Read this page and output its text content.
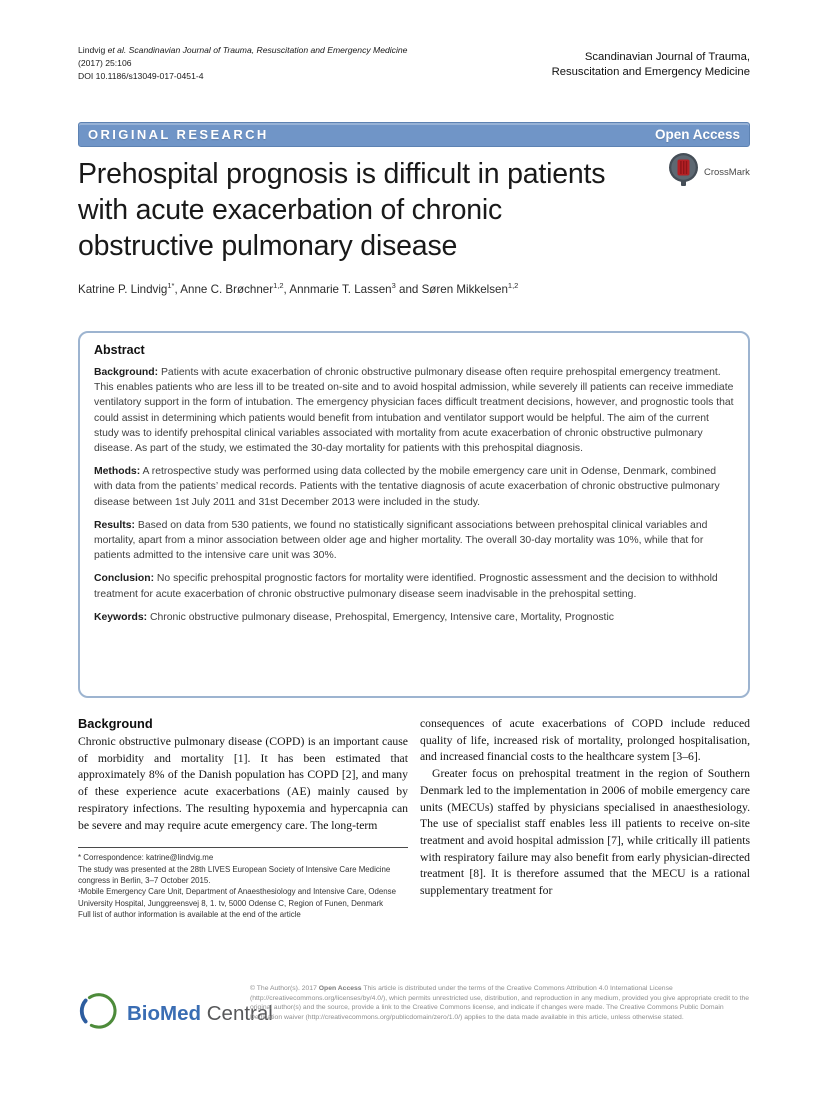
Lindvig et al. Scandinavian Journal of Trauma, Resuscitation and Emergency Medicine
(2017) 25:106
DOI 10.1186/s13049-017-0451-4
Scandinavian Journal of Trauma,
Resuscitation and Emergency Medicine
ORIGINAL RESEARCH	Open Access
Prehospital prognosis is difficult in patients
with acute exacerbation of chronic
obstructive pulmonary disease
CrossMark
Katrine P. Lindvig$^{1*}$, Anne C. Brøchner$^{1,2}$, Annmarie T. Lassen$^3$ and Søren Mikkelsen$^{1,2}$
Abstract

Background: Patients with acute exacerbation of chronic obstructive pulmonary disease often require prehospital emergency treatment. This enables patients who are less ill to be treated on-site and to avoid hospital admission, while severely ill patients can receive immediate ventilatory support in the form of intubation. The emergency physician faces difficult treatment decisions, however, and prognostic tools that could assist in determining which patients would benefit from intubation and ventilator support would be helpful. The aim of the current study was to identify prehospital clinical variables associated with mortality from acute exacerbation of chronic obstructive pulmonary disease. As part of the study, we estimated the 30-day mortality for patients with this prehospital diagnosis.

Methods: A retrospective study was performed using data collected by the mobile emergency care unit in Odense, Denmark, combined with data from the patients’ medical records. Patients with the tentative diagnosis of acute exacerbation of chronic obstructive pulmonary disease between 1st July 2011 and 31st December 2013 were included in the study.

Results: Based on data from 530 patients, we found no statistically significant associations between prehospital clinical variables and mortality, apart from a minor association between older age and higher mortality. The overall 30-day mortality was 10%, while that for patients admitted to the intensive care unit was 30%.

Conclusion: No specific prehospital prognostic factors for mortality were identified. Prognostic assessment and the decision to withhold treatment for acute exacerbation of chronic obstructive pulmonary disease seem inadvisable in the prehospital setting.

Keywords: Chronic obstructive pulmonary disease, Prehospital, Emergency, Intensive care, Mortality, Prognostic

Background
Chronic obstructive pulmonary disease (COPD) is an important cause of morbidity and mortality [1]. It has been estimated that approximately 8% of the Danish population has COPD [2], and many of these experience acute exacerbations (AE) mainly caused by respiratory infections. The resulting hypoxemia and hypercapnia can be severe and may require acute emergency care. The long-term
* Correspondence: katrine@lindvig.me
The study was presented at the 28th LIVES European Society of Intensive Care Medicine congress in Berlin, 3–7 October 2015.
¹Mobile Emergency Care Unit, Department of Anaesthesiology and Intensive Care, Odense University Hospital, Junggreensvej 8, 1. tv, 5000 Odense C, Region of Funen, Denmark
Full list of author information is available at the end of the article
consequences of acute exacerbations of COPD include reduced quality of life, increased risk of mortality, prolonged hospitalisation, and increased financial costs to the healthcare system [3–6].
Greater focus on prehospital treatment in the region of Southern Denmark led to the implementation in 2006 of mobile emergency care units (MECUs) staffed by physicians specialised in anaesthesiology. The use of specialist staff enables less ill patients to receive on-site treatment and avoid hospital admission [7], while critically ill patients with respiratory failure may also benefit from early physician-directed treatment [8]. It is therefore assumed that the MECU is a rational supplementary treatment for
BioMed Central
© The Author(s). 2017 Open Access This article is distributed under the terms of the Creative Commons Attribution 4.0 International License (http://creativecommons.org/licenses/by/4.0/), which permits unrestricted use, distribution, and reproduction in any medium, provided you give appropriate credit to the original author(s) and the source, provide a link to the Creative Commons license, and indicate if changes were made. The Creative Commons Public Domain Dedication waiver (http://creativecommons.org/publicdomain/zero/1.0/) applies to the data made available in this article, unless otherwise stated.
